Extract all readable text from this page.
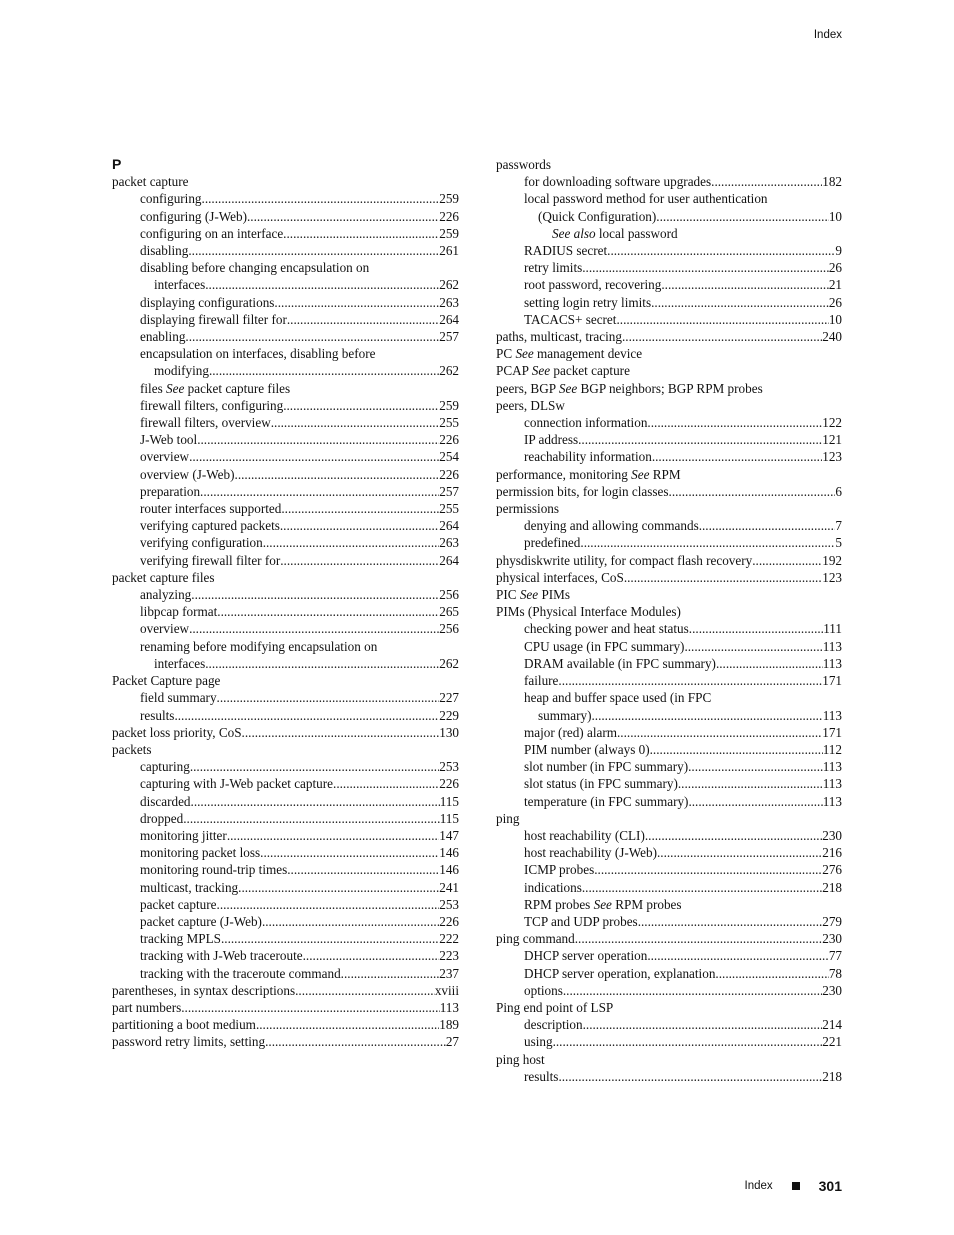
Index
P
packet capture
configuring .....	259
configuring (J-Web) .....	226
configuring on an interface .....	259
disabling .....	261
disabling before changing encapsulation on
interfaces .....	262
displaying configurations .....	263
displaying firewall filter for .....	264
enabling .....	257
encapsulation on interfaces, disabling before
modifying .....	262
files See packet capture files
firewall filters, configuring .....	259
firewall filters, overview .....	255
J-Web tool .....	226
overview .....	254
overview (J-Web) .....	226
preparation .....	257
router interfaces supported .....	255
verifying captured packets .....	264
verifying configuration .....	263
verifying firewall filter for .....	264
packet capture files
analyzing .....	256
libpcap format .....	265
overview .....	256
renaming before modifying encapsulation on
interfaces .....	262
Packet Capture page
field summary .....	227
results .....	229
packet loss priority, CoS .....	130
packets
capturing .....	253
capturing with J-Web packet capture .....	226
discarded .....	115
dropped .....	115
monitoring jitter .....	147
monitoring packet loss .....	146
monitoring round-trip times .....	146
multicast, tracking .....	241
packet capture .....	253
packet capture (J-Web) .....	226
tracking MPLS .....	222
tracking with J-Web traceroute .....	223
tracking with the traceroute command .....	237
parentheses, in syntax descriptions .....	xviii
part numbers .....	113
partitioning a boot medium .....	189
password retry limits, setting .....	27
passwords
for downloading software upgrades .....	182
local password method for user authentication
(Quick Configuration) .....	10
See also local password
RADIUS secret .....	9
retry limits .....	26
root password, recovering .....	21
setting login retry limits .....	26
TACACS+ secret .....	10
paths, multicast, tracing .....	240
PC See management device
PCAP See packet capture
peers, BGP See BGP neighbors; BGP RPM probes
peers, DLSw
connection information .....	122
IP address .....	121
reachability information .....	123
performance, monitoring See RPM
permission bits, for login classes .....	6
permissions
denying and allowing commands .....	7
predefined .....	5
physdiskwrite utility, for compact flash recovery .....	192
physical interfaces, CoS .....	123
PIC See PIMs
PIMs (Physical Interface Modules)
checking power and heat status .....	111
CPU usage (in FPC summary) .....	113
DRAM available (in FPC summary) .....	113
failure .....	171
heap and buffer space used (in FPC
summary) .....	113
major (red) alarm .....	171
PIM number (always 0) .....	112
slot number (in FPC summary) .....	113
slot status (in FPC summary) .....	113
temperature (in FPC summary) .....	113
ping
host reachability (CLI) .....	230
host reachability (J-Web) .....	216
ICMP probes .....	276
indications .....	218
RPM probes See RPM probes
TCP and UDP probes .....	279
ping command .....	230
DHCP server operation .....	77
DHCP server operation, explanation .....	78
options .....	230
Ping end point of LSP
description .....	214
using .....	221
ping host
results .....	218
Index	301
